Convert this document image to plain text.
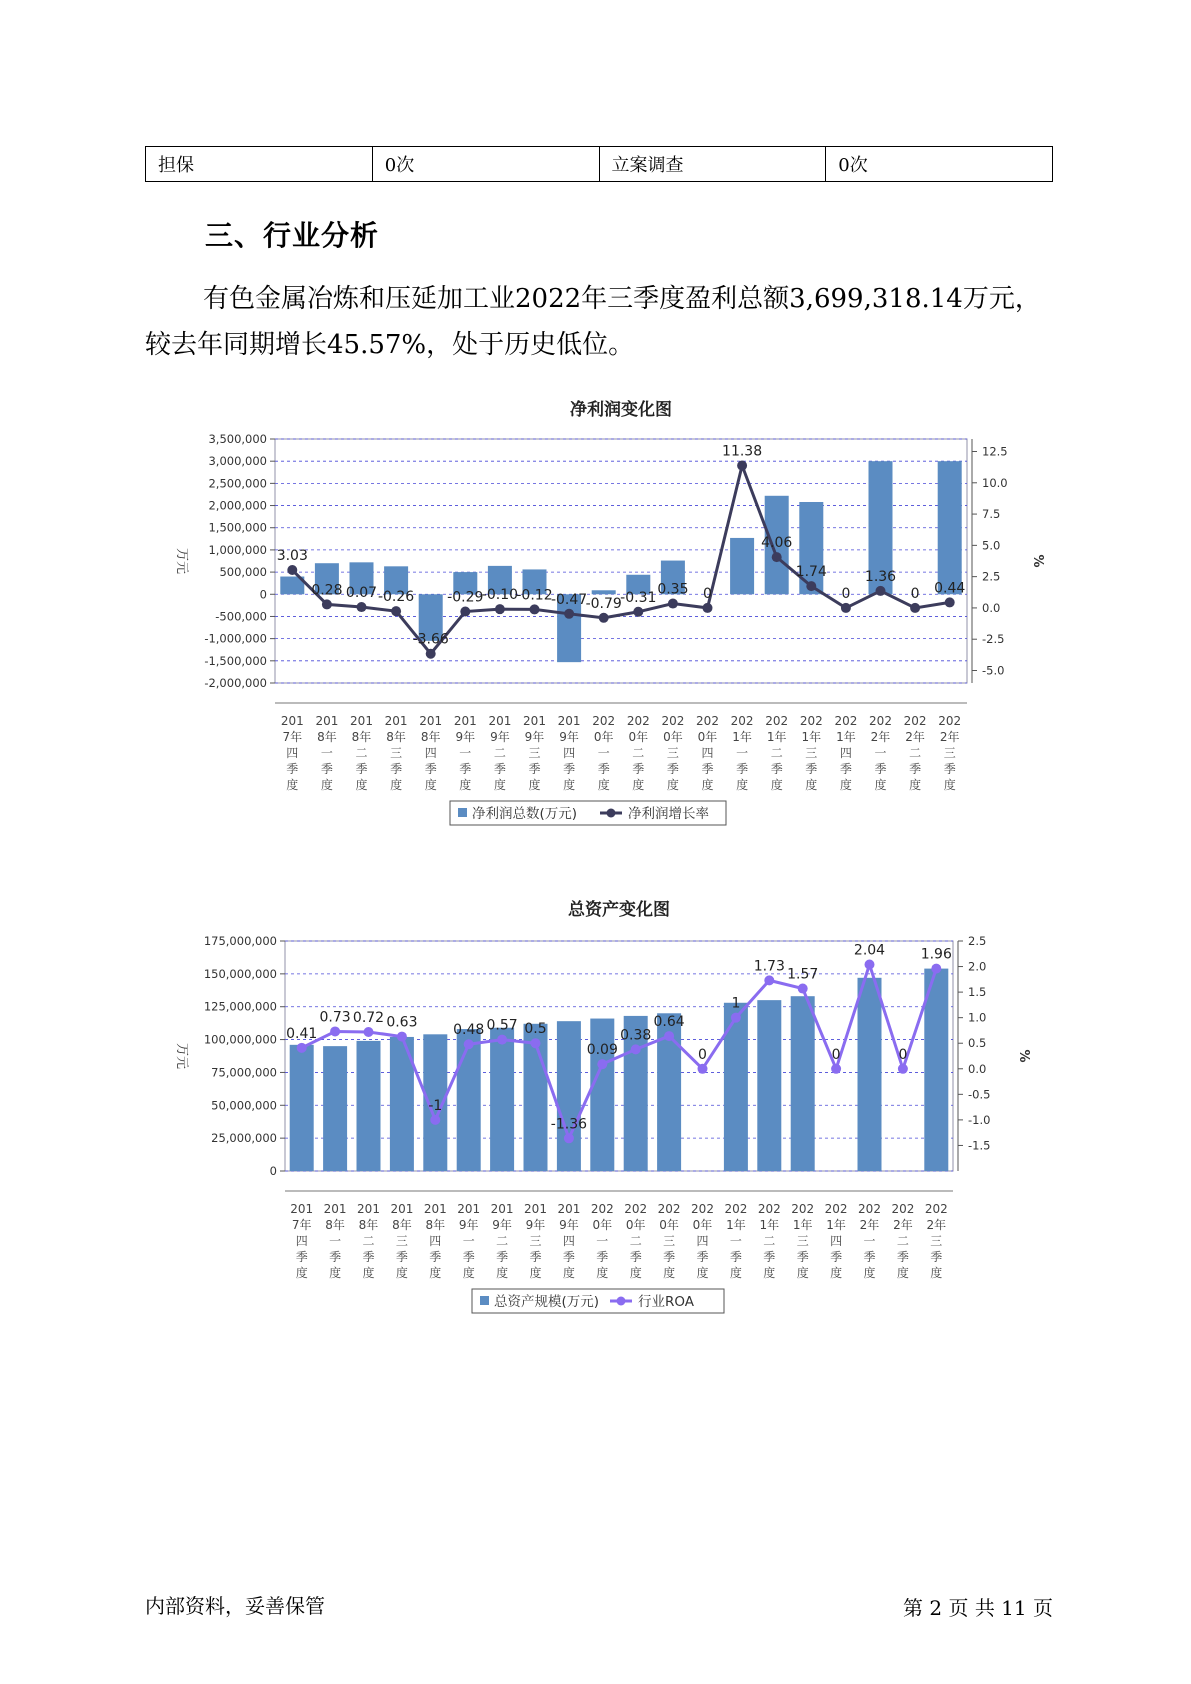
担保	0次	立案调查	0次
三、行业分析
有色金属冶炼和压延加工业2022年三季度盈利总额3,699,318.14万元，
较去年同期增长45.57%，处于历史低位。
净利润变化图
3,500,000
3,000,000
2,500,000
2,000,000
1,500,000
1,000,000
500,000
0
-500,000
-1,000,000
-1,500,000
-2,000,000
12.5
10.0
7.5
5.0
2.5
0.0
-2.5
-5.0
万元	%
3.03
0.28 0.07 -0.26
-3.66
-0.29
-0.10
-0.12
-0.47
-0.79
-0.31
0.35 0
11.38
4.06
1.74
0
1.36
0 0.44
201
7年
四
季
度
201
8年
一
季
度
201
8年
二
季
度
201
8年
三
季
度
201
8年
四
季
度
201
9年
一
季
度
201
9年
二
季
度
201
9年
三
季
度
201
9年
四
季
度
202
0年
一
季
度
202
0年
二
季
度
202
0年
三
季
度
202
0年
四
季
度
202
1年
一
季
度
202
1年
二
季
度
202
1年
三
季
度
202
1年
四
季
度
202
2年
一
季
度
202
2年
二
季
度
202
2年
三
季
度
净利润总数(万元)	净利润增长率
总资产变化图
175,000,000
150,000,000
125,000,000
100,000,000
75,000,000
50,000,000
25,000,000
0
2.5
2.0
1.5
1.0
0.5
0.0
-0.5
-1.0
-1.5
万元	%
0.41
0.73 0.72 0.63
-1
0.48 0.57 0.5
-1.36
0.09
0.38
0.64
0
1
1.73
1.57
0
2.04
0
1.96
201
7年
四
季
度
201
8年
一
季
度
201
8年
二
季
度
201
8年
三
季
度
201
8年
四
季
度
201
9年
一
季
度
201
9年
二
季
度
201
9年
三
季
度
201
9年
四
季
度
202
0年
一
季
度
202
0年
二
季
度
202
0年
三
季
度
202
0年
四
季
度
202
1年
一
季
度
202
1年
二
季
度
202
1年
三
季
度
202
1年
四
季
度
202
2年
一
季
度
202
2年
二
季
度
202
2年
三
季
度
总资产规模(万元)	行业ROA
内部资料，妥善保管	第 2 页 共 11 页
